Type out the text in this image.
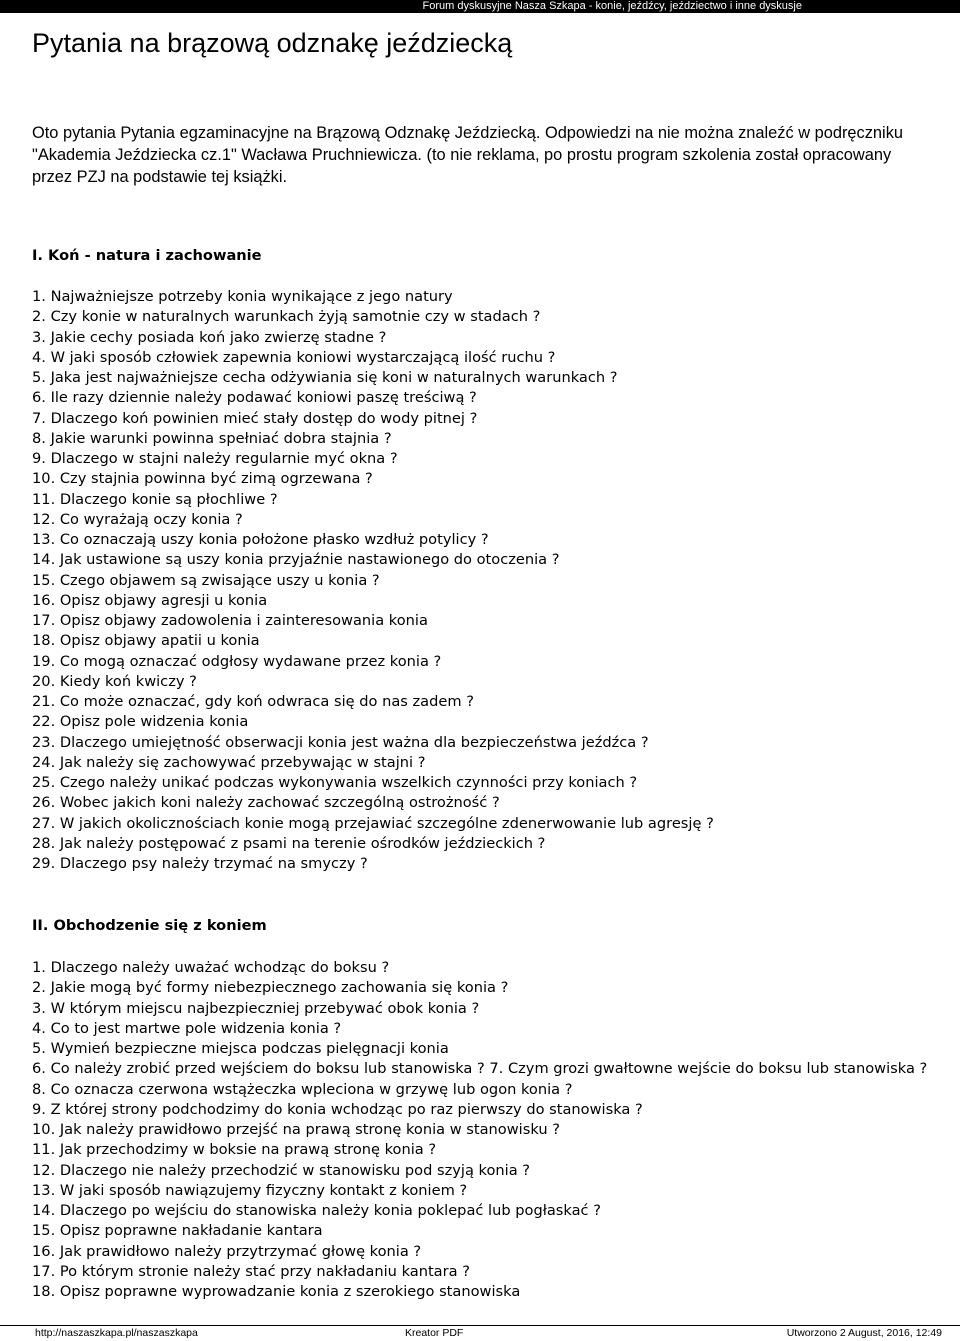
Forum dyskusyjne Nasza Szkapa - konie, jeźdźcy, jeździectwo i inne dyskusje
Pytania na brązową odznakę jeździecką

Oto pytania Pytania egzaminacyjne na Brązową Odznakę Jeździecką. Odpowiedzi na nie można znaleźć w podręczniku "Akademia Jeździecka cz.1" Wacława Pruchniewicza. (to nie reklama, po prostu program szkolenia został opracowany przez PZJ na podstawie tej książki.

I. Koń - natura i zachowanie
1. Najważniejsze potrzeby konia wynikające z jego natury
2. Czy konie w naturalnych warunkach żyją samotnie czy w stadach ?
3. Jakie cechy posiada koń jako zwierzę stadne ?
4. W jaki sposób człowiek zapewnia koniowi wystarczającą ilość ruchu ?
5. Jaka jest najważniejsze cecha odżywiania się koni w naturalnych warunkach ?
6. Ile razy dziennie należy podawać koniowi paszę treściwą ?
7. Dlaczego koń powinien mieć stały dostęp do wody pitnej ?
8. Jakie warunki powinna spełniać dobra stajnia ?
9. Dlaczego w stajni należy regularnie myć okna ?
10. Czy stajnia powinna być zimą ogrzewana ?
11. Dlaczego konie są płochliwe ?
12. Co wyrażają oczy konia ?
13. Co oznaczają uszy konia położone płasko wzdłuż potylicy ?
14. Jak ustawione są uszy konia przyjaźnie nastawionego do otoczenia ?
15. Czego objawem są zwisające uszy u konia ?
16. Opisz objawy agresji u konia
17. Opisz objawy zadowolenia i zainteresowania konia
18. Opisz objawy apatii u konia
19. Co mogą oznaczać odgłosy wydawane przez konia ?
20. Kiedy koń kwiczy ?
21. Co może oznaczać, gdy koń odwraca się do nas zadem ?
22. Opisz pole widzenia konia
23. Dlaczego umiejętność obserwacji konia jest ważna dla bezpieczeństwa jeźdźca ?
24. Jak należy się zachowywać przebywając w stajni ?
25. Czego należy unikać podczas wykonywania wszelkich czynności przy koniach ?
26. Wobec jakich koni należy zachować szczególną ostrożność ?
27. W jakich okolicznościach konie mogą przejawiać szczególne zdenerwowanie lub agresję ?
28. Jak należy postępować z psami na terenie ośrodków jeździeckich ?
29. Dlaczego psy należy trzymać na smyczy ?
II. Obchodzenie się z koniem
1. Dlaczego należy uważać wchodząc do boksu ?
2. Jakie mogą być formy niebezpiecznego zachowania się konia ?
3. W którym miejscu najbezpieczniej przebywać obok konia ?
4. Co to jest martwe pole widzenia konia ?
5. Wymień bezpieczne miejsca podczas pielęgnacji konia
6. Co należy zrobić przed wejściem do boksu lub stanowiska ? 7. Czym grozi gwałtowne wejście do boksu lub stanowiska ?
8. Co oznacza czerwona wstążeczka wpleciona w grzywę lub ogon konia ?
9. Z której strony podchodzimy do konia wchodząc po raz pierwszy do stanowiska ?
10. Jak należy prawidłowo przejść na prawą stronę konia w stanowisku ?
11. Jak przechodzimy w boksie na prawą stronę konia ?
12. Dlaczego nie należy przechodzić w stanowisku pod szyją konia ?
13. W jaki sposób nawiązujemy fizyczny kontakt z koniem ?
14. Dlaczego po wejściu do stanowiska należy konia poklepać lub pogłaskać ?
15. Opisz poprawne nakładanie kantara
16. Jak prawidłowo należy przytrzymać głowę konia ?
17. Po którym stronie należy stać przy nakładaniu kantara ?
18. Opisz poprawne wyprowadzanie konia z szerokiego stanowiska
http://naszaszkapa.pl/naszaszkapa	Kreator PDF	Utworzono 2 August, 2016, 12:49
